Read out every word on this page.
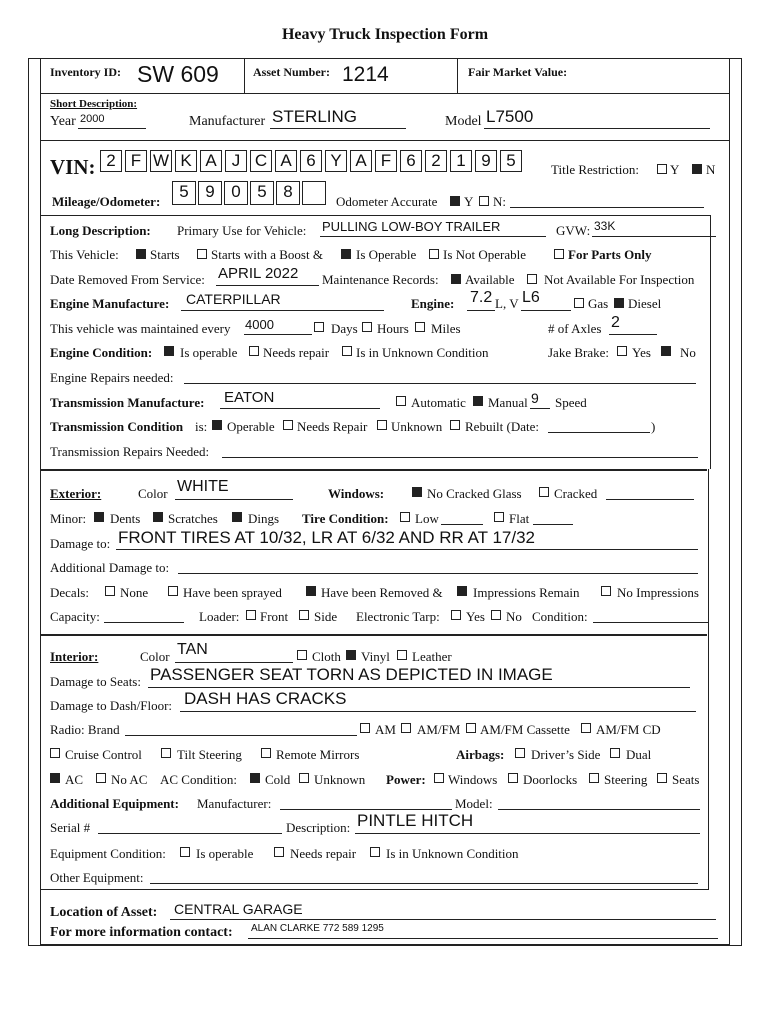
Heavy Truck Inspection Form
Inventory ID: SW 609	Asset Number: 1214	Fair Market Value:
Short Description:
Year 2000	Manufacturer STERLING	Model L7500
VIN: 2 F W K A J C A 6 Y A F 6 2 1 9 5	Title Restriction: Y N
Mileage/Odometer:
5 9 0 5 8
Odometer Accurate Y N:
Long Description: Primary Use for Vehicle: PULLING LOW-BOY TRAILER	GVW: 33K
This Vehicle: Starts Starts with a Boost &	Is Operable Is Not Operable	For Parts Only
Date Removed From Service: APRIL 2022 Maintenance Records: Available Not Available For Inspection
Engine Manufacture: CATERPILLAR	Engine: 7.2 L, V L6	Gas Diesel
This vehicle was maintained every 4000	Days Hours Miles	# of Axles 2
Engine Condition: Is operable Needs repair Is in Unknown Condition	Jake Brake: Yes No
Engine Repairs needed:
Transmission Manufacture: EATON	Automatic Manual 9 Speed
Transmission Condition is: Operable Needs Repair Unknown Rebuilt (Date:	)
Transmission Repairs Needed:
Exterior:	Color WHITE	Windows:	No Cracked Glass Cracked
Minor: Dents Scratches Dings Tire Condition: Low	Flat
Damage to: FRONT TIRES AT 10/32, LR AT 6/32 AND RR AT 17/32
Additional Damage to:
Decals: None	Have been sprayed	Have been Removed & Impressions Remain	No Impressions
Capacity:	Loader: Front Side Electronic Tarp: Yes No Condition:
Interior:	Color TAN	Cloth Vinyl Leather
Damage to Seats: PASSENGER SEAT TORN AS DEPICTED IN IMAGE
Damage to Dash/Floor: DASH HAS CRACKS
Radio: Brand	AM AM/FM AM/FM Cassette AM/FM CD
Cruise Control	Tilt Steering	Remote Mirrors	Airbags: Driver’s Side Dual
AC No AC AC Condition: Cold Unknown Power: Windows Doorlocks Steering Seats
Additional Equipment: Manufacturer:	Model:
Serial #	Description: PINTLE HITCH
Equipment Condition: Is operable	Needs repair Is in Unknown Condition
Other Equipment:
Location of Asset: CENTRAL GARAGE
For more information contact: ALAN CLARKE 772 589 1295
